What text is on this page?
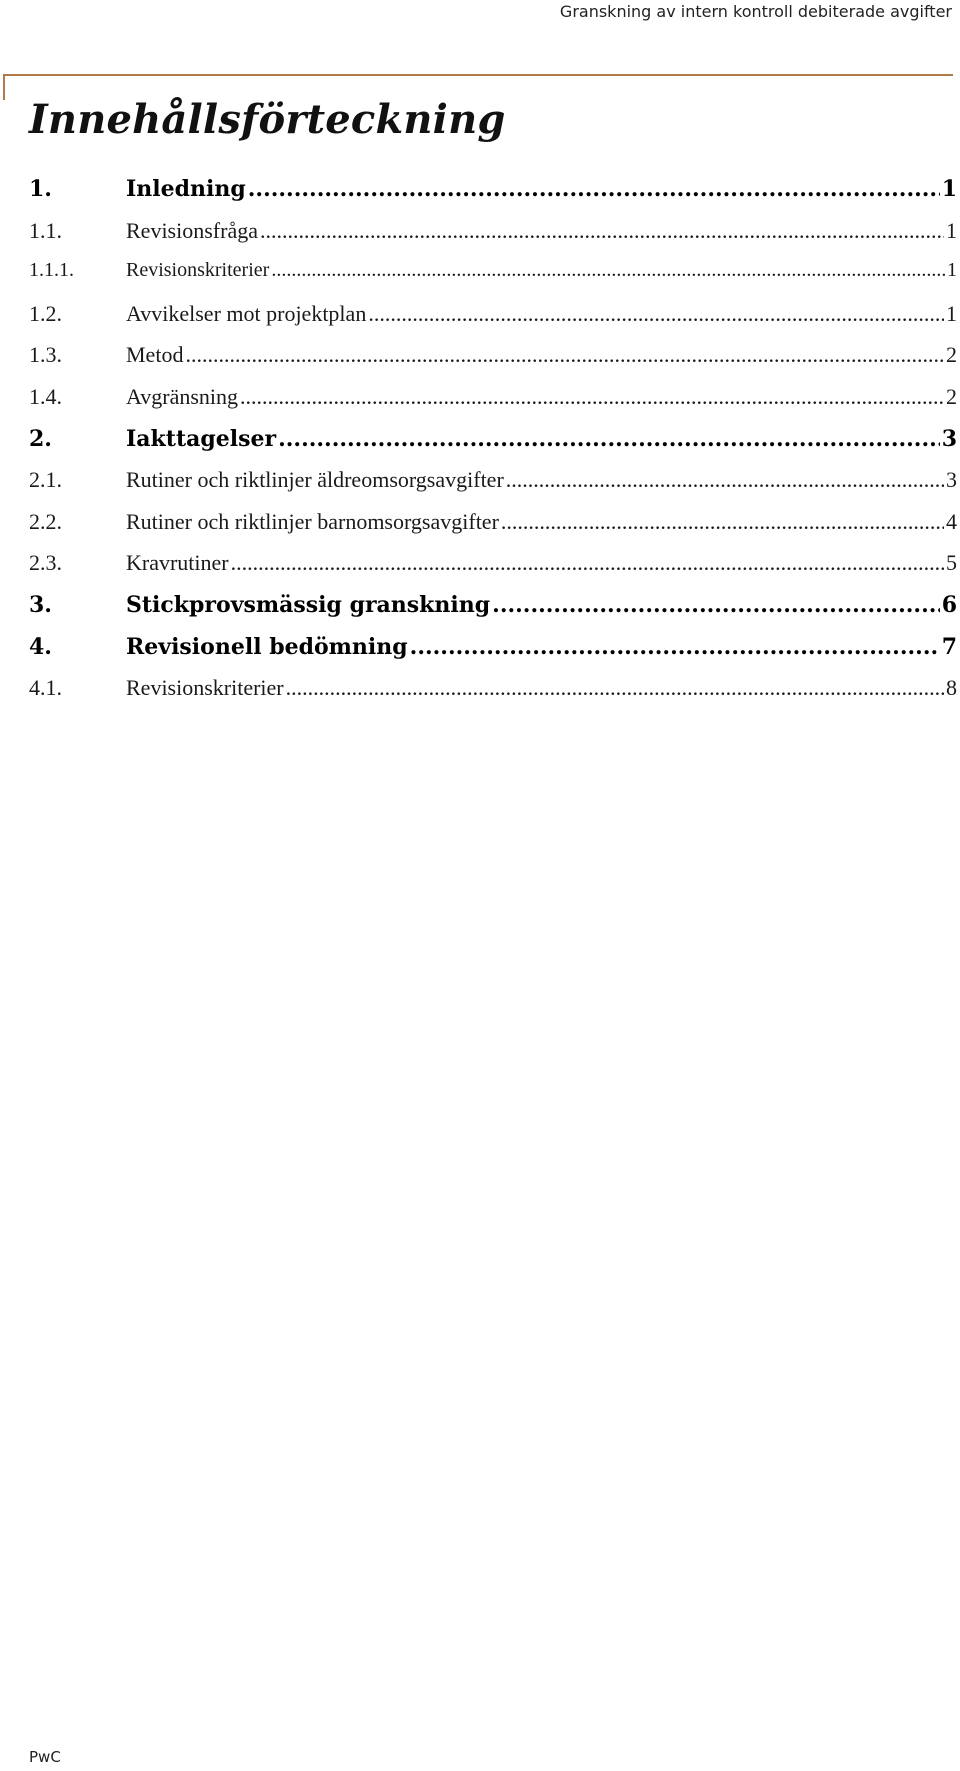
Granskning av intern kontroll debiterade avgifter
Innehållsförteckning
1.	Inledning .....	1
1.1.	Revisionsfråga .....	1
1.1.1.	Revisionskriterier .....	1
1.2.	Avvikelser mot projektplan .....	1
1.3.	Metod .....	2
1.4.	Avgränsning .....	2
2.	Iakttagelser .....	3
2.1.	Rutiner och riktlinjer äldreomsorgsavgifter .....	3
2.2.	Rutiner och riktlinjer barnomsorgsavgifter .....	4
2.3.	Kravrutiner .....	5
3.	Stickprovsmässig granskning .....	6
4.	Revisionell bedömning .....	7
4.1.	Revisionskriterier .....	8
PwC
